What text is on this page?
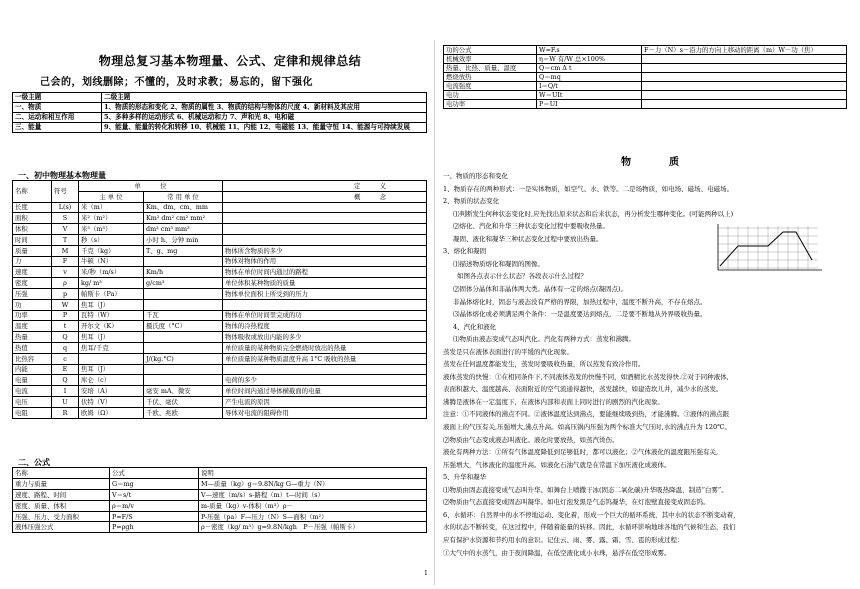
物理总复习基本物理量、公式、定律和规律总结
己会的，划线删除；不懂的，及时求教；易忘的，留下强化
一级主题	二级主题
一、物质	1、物质的形态和变化 2、物质的属性 3、物质的结构与物体的尺度 4、新材料及其应用
二、运动和相互作用	5、多种多样的运动形式 6、机械运动和力 7、声和光 8、电和磁
三、能量	9、能量、能量的转化和转移 10、机械能 11、内能 12、电磁能 13、能量守恒 14、能源与可持续发展
一、初中物理基本物理量
名称	符号	单　　　位		定　　　义
		主 单 位	常 用 单 位	概　　　念
长度	L(s)	米（m）	Km、dm、cm、mm	
面积	S	米²（m²）	Km² dm² cm² mm²	
体积	V	米³（m³）	dm³ cm³ mm³	
时间	T	秒（s）	小时 h、分钟 min	
质量	M	千克（kg）	T、g、mg	物体所含物质的多少
力	F	牛顿（N）		物体对物体的作用
速度	v	米/秒（m/s）	Km/h	物体在单位时间内通过的路程
密度	ρ	kg/ m³	g/cm³	单位体积某种物质的质量
压强	p	帕斯卡（Pa）		物体单位面积上所受到的压力
功	W	焦耳（J）		
功率	P	瓦特（W）	千瓦	物体在单位时间里完成的功
温度	t	开尔文（K）	摄氏度（°C）	物体的冷热程度
热量	Q	焦耳（J）		物体吸收或放出内能的多少
热值	q	焦耳/千克		单位质量的某种物质完全燃烧时放出的热量
比热容	c		J/(kg.°C)	单位质量的某种物质温度升高 1°C 吸收的热量
内能	E	焦耳（J）		
电量	Q	库仑（c）		电荷的多少
电流	I	安培（A）	毫安 mA、微安	单位时间内通过导体横截面的电量
电压	U	伏特（V）	千伏、毫伏	产生电流的原因
电阻	R	欧姆（Ω）	千欧、兆欧	导体对电流的阻碍作用
二、公式
名称	公式	说明
重力与质量	G＝mg	M—质量（kg）g＝9.8N/kg G—重力（N）
速度、路程、时间	V＝s/t	V—速度（m/s）s-路程（m）t—时间（s）
密度、质量、体积	ρ＝m/v	m-质量（kg）v-体积（m³）ρ－
压强、压力、受力面积	P=F/S	P-压强（pa）F—压力（N）S—面积（m²）
液体压强公式	P=ρgh	ρ－密度（kg/ m³）g=9.8N/kgh　P－压强（帕斯卡）
功的公式	W=F.s	F－力（N）s－沿力的方向上移动的距离（m）W－功（焦）
机械效率	η＝W 有/W 总×100%	
热量、比热、质量、温度	Q＝cm Δ t	
燃烧放热	Q＝mq	
电流强度	I＝Q/t	
电功	W＝UIt	
电功率	P＝UI	
物　质
一、物质的形态和变化
1、物质存在的两种形式：一是实体物质，如空气、水、铁等。二是场物质，如电场、磁场、电磁场。
2、物质的状态变化
⑴判断发生何种状态变化时,应先找出原来状态和后来状态，再分析发生哪种变化。(可能两种以上)
⑵熔化、汽化和升华三种状态变化过程中要吸收热量。
凝固、液化和凝华三种状态变化过程中要放出热量。
3、熔化和凝固
⑴描述物质熔化和凝固的图像。
如图各点表示什么状态？各段表示什么过程？
⑵固体分晶体和非晶体两大类。晶体有一定的熔点(凝固点)。
非晶体熔化时，固态与液态没有严格的界限，加热过程中，温度不断升高，不存在熔点。
⑶晶体熔化或必须满足两个条件：一是温度要达到熔点，二是要不断地从外界吸收热量。
4、汽化和液化
⑴物质由液态变成气态叫汽化。汽化有两种方式：蒸发和沸腾。
蒸发是只在液体表面进行的平缓的汽化现象。
蒸发在任何温度都能发生，蒸发时要吸收热量，所以蒸发有致冷作用。
液体蒸发的快慢：①在相同条件下,不同液体蒸发的快慢不同，如酒精比水蒸发得快.②对于同种液体,
表面积越大、温度越高、表面附近的空气流通得越快，蒸发越快，如建造坎儿井，减少水的蒸发。
沸腾是液体在一定温度下，在液体内部和表面上同时进行的剧烈的汽化现象。
注意：①不同液体的沸点不同。②液体温度达到沸点，要能继续吸到热，才能沸腾。③液体的沸点跟
液面上的气压有关,压强增大,沸点升高。如高压锅内压强为两个标准大气压时,水的沸点升为 120℃。
⑵物质由气态变成液态叫液化。液化时要放热，如蒸汽烫伤。
液化有两种方法：①所有气体温度降低到足够低时，都可以液化；②气体液化的温度跟压强有关,
压强增大，气体液化的温度升高。如液化石油气就是在常温下加压液化成液体。
5、升华和凝华
⑴物质由固态直接变成气态叫升华。如舞台上喷撒干冰(固态二氧化碳)升华吸热降温，制造“白雾”。
⑵物质由气态直接变成固态叫凝华。如电灯泡发黑是气态钨凝华，在灯泡壁直接变成固态钨。
6、水循环：自然界中的水不停地运动、变化着，形成一个巨大的循环系统，其中水的状态不断变动着，
水的状态不断转变，在这过程中，伴随着能量的转移。因此，水循环影响地球各地的气候和生态，我们
应有保护水资源和节约用水的意识。记住云、雨、雾、露、霜、雪、雹的形成过程：
①大气中的水蒸气，由于夜间降温，在低空液化成小水珠，悬浮在低空形成雾。
1
